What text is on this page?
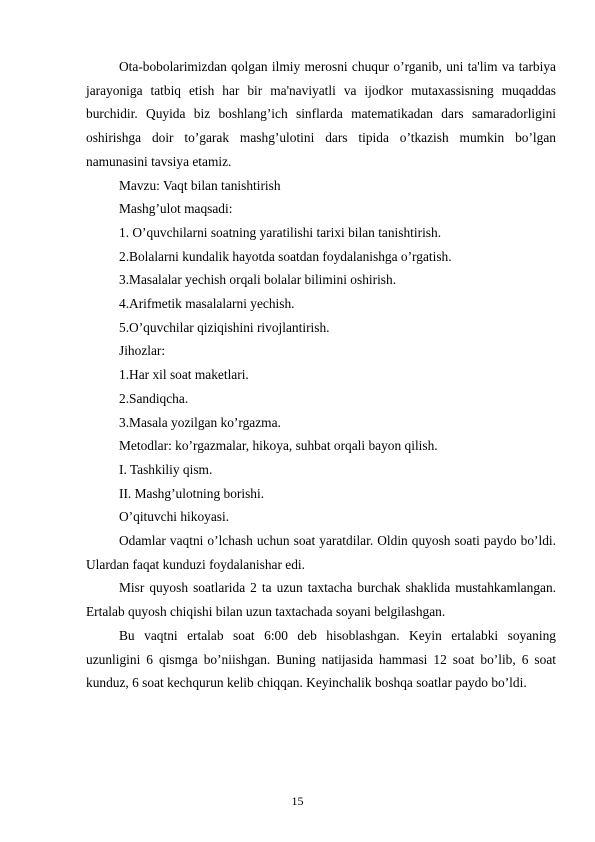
Ota-bobolarimizdan qolgan ilmiy merosni chuqur o’rganib, uni ta'lim va tarbiya jarayoniga tatbiq etish har bir ma'naviyatli va ijodkor mutaxassisning muqaddas burchidir. Quyida biz boshlang’ich sinflarda matematikadan dars samaradorligini oshirishga doir to’garak mashg’ulotini dars tipida o’tkazish mumkin bo’lgan namunasini tavsiya etamiz.

Mavzu: Vaqt bilan tanishtirish

Mashg’ulot maqsadi:

1. O’quvchilarni soatning yaratilishi tarixi bilan tanishtirish.

2.Bolalarni kundalik hayotda soatdan foydalanishga o’rgatish.

3.Masalalar yechish orqali bolalar bilimini oshirish.

4.Arifmetik masalalarni yechish.

5.O’quvchilar qiziqishini rivojlantirish.

Jihozlar:

1.Har xil soat maketlari.

2.Sandiqcha.

3.Masala yozilgan ko’rgazma.

Metodlar: ko’rgazmalar, hikoya, suhbat orqali bayon qilish.

I. Tashkiliy qism.

II. Mashg’ulotning borishi.

O’qituvchi hikoyasi.

Odamlar vaqtni o’lchash uchun soat yaratdilar. Oldin quyosh soati paydo bo’ldi. Ulardan faqat kunduzi foydalanishar edi.

Misr quyosh soatlarida 2 ta uzun taxtacha burchak shaklida mustahkamlangan. Ertalab quyosh chiqishi bilan uzun taxtachada soyani belgilashgan.

Bu vaqtni ertalab soat 6:00 deb hisoblashgan. Keyin ertalabki soyaning uzunligini 6 qismga bo’niishgan. Buning natijasida hammasi 12 soat bo’lib, 6 soat kunduz, 6 soat kechqurun kelib chiqqan. Keyinchalik boshqa soatlar paydo bo’ldi.

15
